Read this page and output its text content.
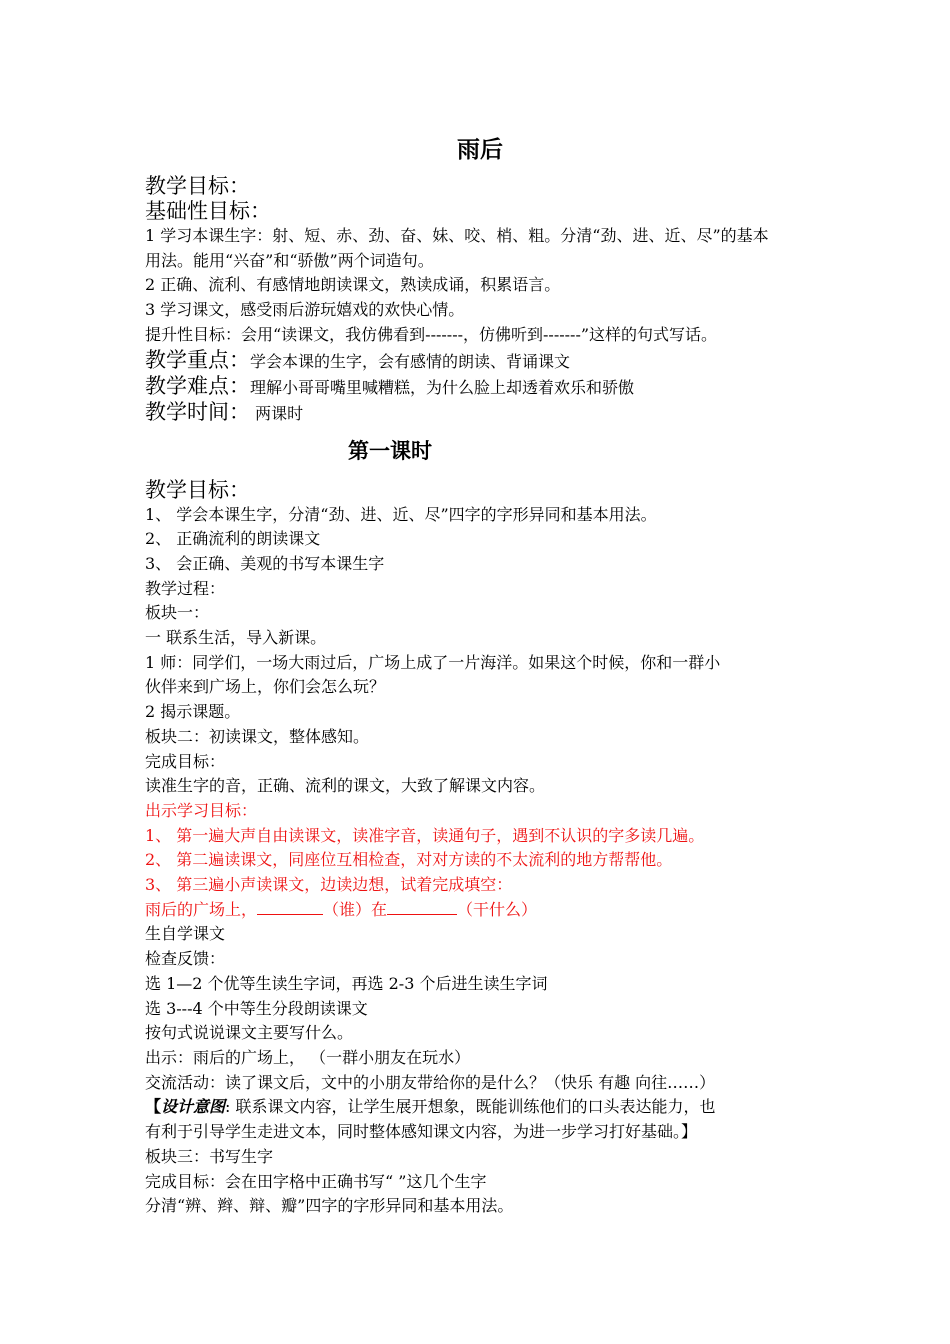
雨后
教学目标：
基础性目标：
1 学习本课生字：射、短、赤、劲、奋、妹、咬、梢、粗。分清“劲、进、近、尽”的基本
用法。能用“兴奋”和“骄傲”两个词造句。
2 正确、流利、有感情地朗读课文，熟读成诵，积累语言。
3 学习课文，感受雨后游玩嬉戏的欢快心情。
提升性目标：会用“读课文，我仿佛看到-------，仿佛听到-------”这样的句式写话。
教学重点：学会本课的生字，会有感情的朗读、背诵课文
教学难点：理解小哥哥嘴里喊糟糕，为什么脸上却透着欢乐和骄傲
教学时间： 两课时
第一课时
教学目标：
1、 学会本课生字，分清“劲、进、近、尽”四字的字形异同和基本用法。
2、 正确流利的朗读课文
3、 会正确、美观的书写本课生字
教学过程：
板块一：
一 联系生活，导入新课。
1 师：同学们，一场大雨过后，广场上成了一片海洋。如果这个时候，你和一群小
伙伴来到广场上，你们会怎么玩？
2 揭示课题。
板块二：初读课文，整体感知。
完成目标：
读准生字的音，正确、流利的课文，大致了解课文内容。
出示学习目标：
1、 第一遍大声自由读课文，读准字音，读通句子，遇到不认识的字多读几遍。
2、 第二遍读课文，同座位互相检查，对对方读的不太流利的地方帮帮他。
3、 第三遍小声读课文，边读边想，试着完成填空：
雨后的广场上，	（谁）在	（干什么）
生自学课文
检查反馈：
选 1—2 个优等生读生字词，再选 2-3 个后进生读生字词
选 3---4 个中等生分段朗读课文
按句式说说课文主要写什么。
出示：雨后的广场上， （一群小朋友在玩水）
交流活动：读了课文后，文中的小朋友带给你的是什么？（快乐 有趣 向往……）
【设计意图: 联系课文内容，让学生展开想象，既能训练他们的口头表达能力，也
有利于引导学生走进文本，同时整体感知课文内容，为进一步学习打好基础。】
板块三：书写生字
完成目标：会在田字格中正确书写“ ”这几个生字
分清“辨、辫、辩、瓣”四字的字形异同和基本用法。
